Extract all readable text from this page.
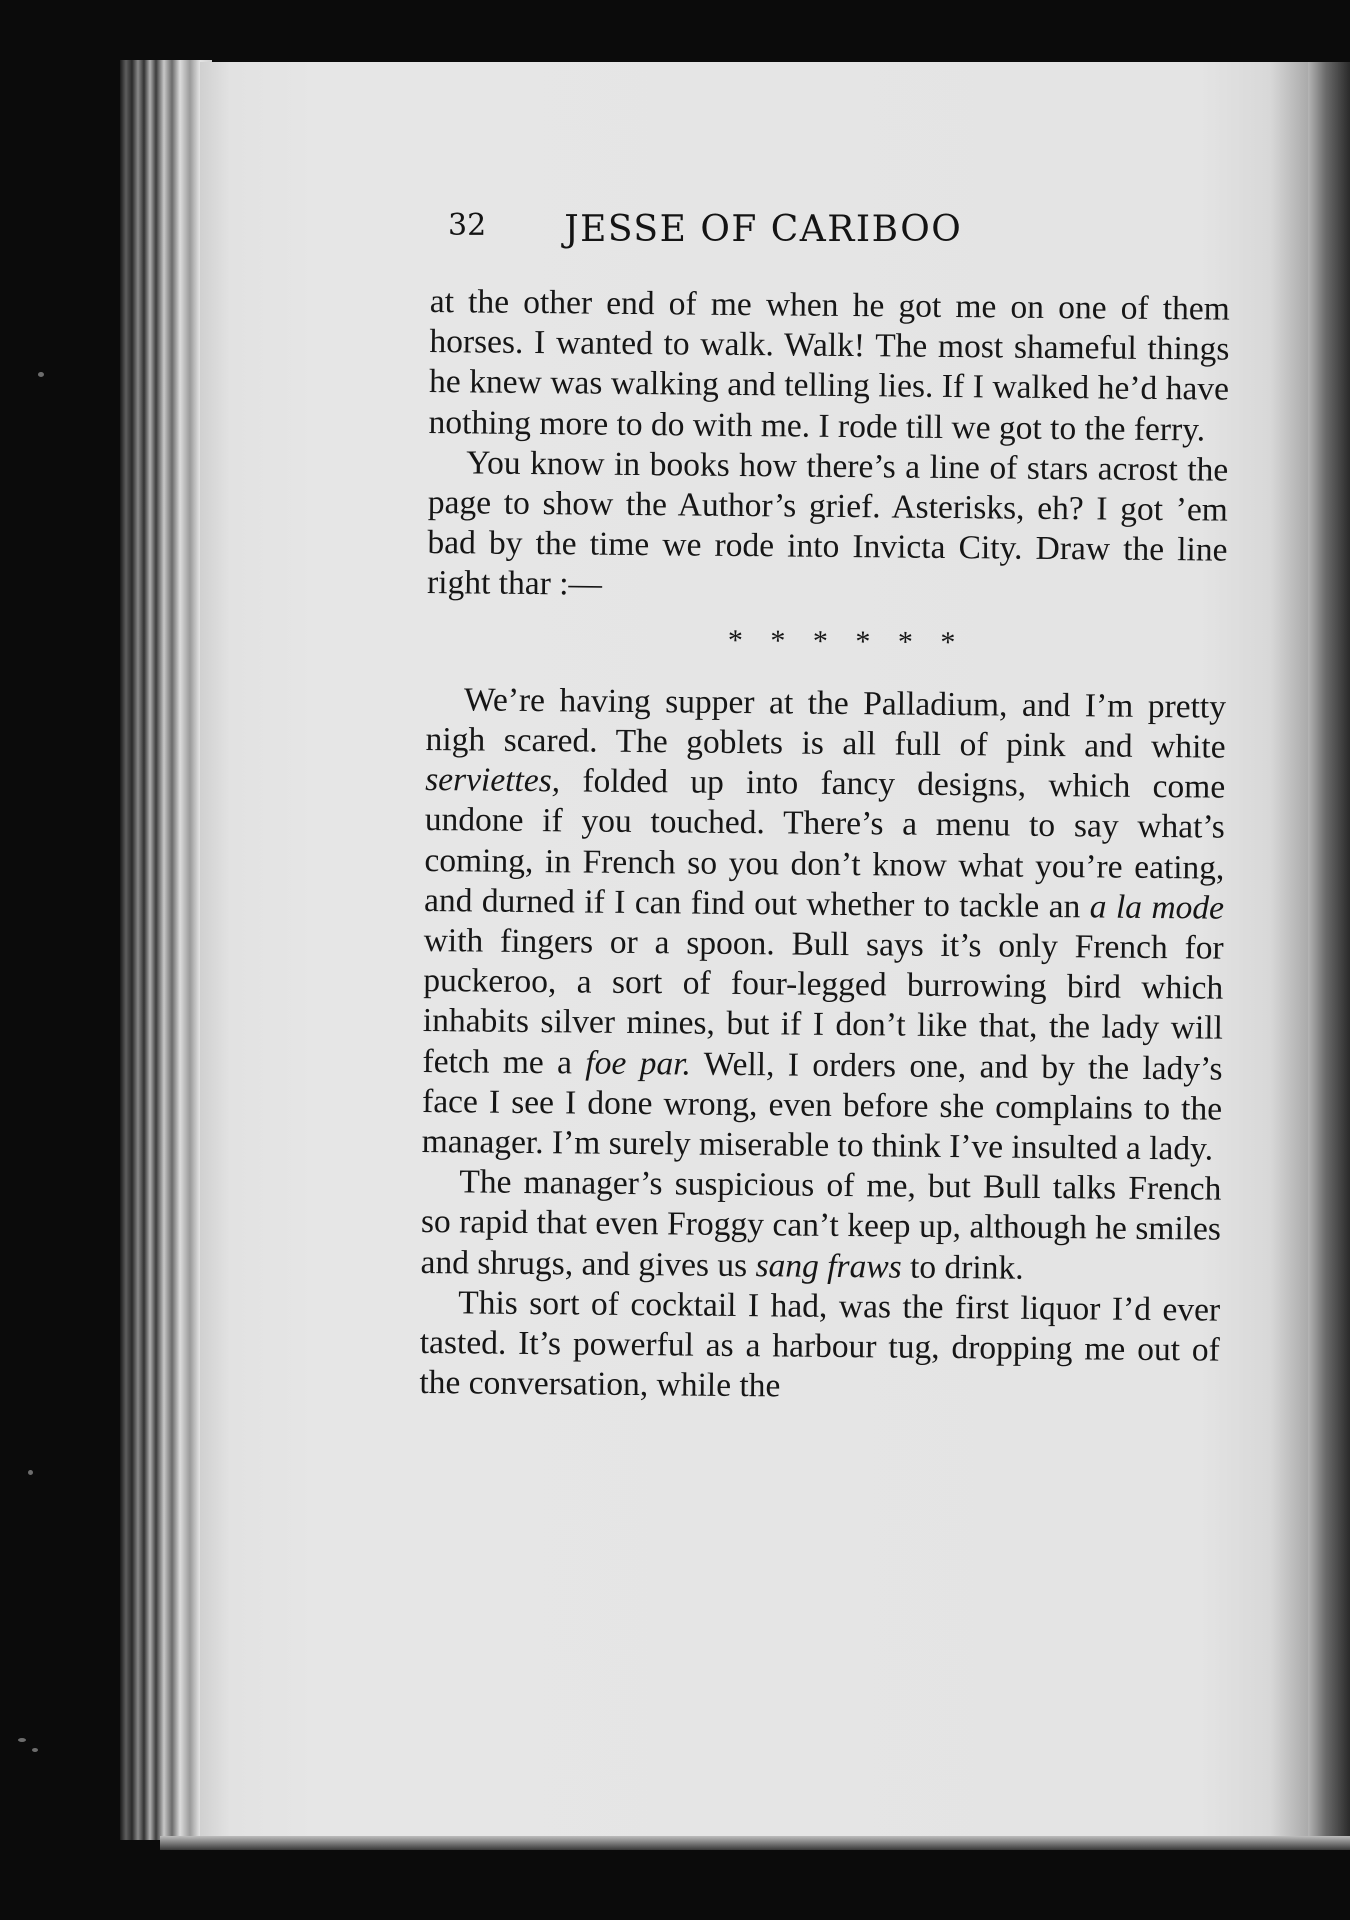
32 JESSE OF CARIBOO

at the other end of me when he got me on one of them horses. I wanted to walk. Walk! The most shameful things he knew was walking and telling lies. If I walked he’d have nothing more to do with me. I rode till we got to the ferry.

You know in books how there’s a line of stars acrost the page to show the Author’s grief. Asterisks, eh? I got ’em bad by the time we rode into Invicta City. Draw the line right thar :—

* * * * * *

We’re having supper at the Palladium, and I’m pretty nigh scared. The goblets is all full of pink and white serviettes, folded up into fancy designs, which come undone if you touched. There’s a menu to say what’s coming, in French so you don’t know what you’re eating, and durned if I can find out whether to tackle an a la mode with fingers or a spoon. Bull says it’s only French for puckeroo, a sort of four-legged burrowing bird which inhabits silver mines, but if I don’t like that, the lady will fetch me a foe par. Well, I orders one, and by the lady’s face I see I done wrong, even before she complains to the manager. I’m surely miserable to think I’ve insulted a lady.

The manager’s suspicious of me, but Bull talks French so rapid that even Froggy can’t keep up, although he smiles and shrugs, and gives us sang fraws to drink.

This sort of cocktail I had, was the first liquor I’d ever tasted. It’s powerful as a harbour tug, dropping me out of the conversation, while the
